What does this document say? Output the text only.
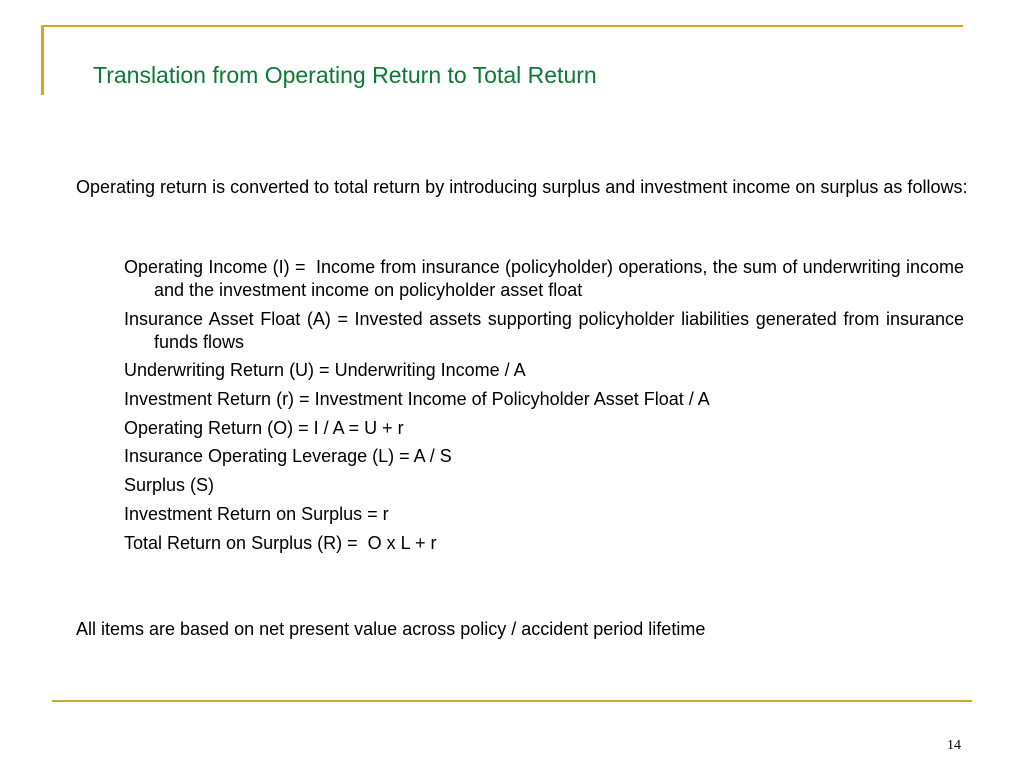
Translation from Operating Return to Total Return
Operating return is converted to total return by introducing surplus and investment income on surplus as follows:
Operating Income (I) =  Income from insurance (policyholder) operations, the sum of underwriting income and the investment income on policyholder asset float
Insurance Asset Float (A) = Invested assets supporting policyholder liabilities generated from insurance funds flows
Underwriting Return (U) = Underwriting Income / A
Investment Return (r) = Investment Income of Policyholder Asset Float / A
Operating Return (O) = I / A = U + r
Insurance Operating Leverage (L) = A / S
Surplus (S)
Investment Return on Surplus = r
Total Return on Surplus (R) =  O x L + r
All items are based on net present value across policy / accident period lifetime
14
